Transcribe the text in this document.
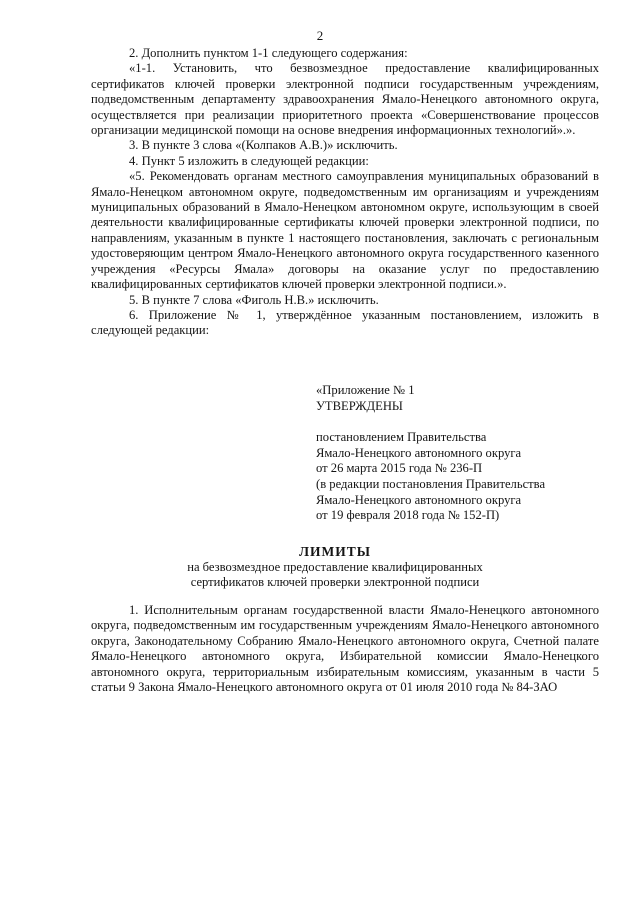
2

2. Дополнить пунктом 1-1 следующего содержания:

«1-1. Установить, что безвозмездное предоставление квалифицированных сертификатов ключей проверки электронной подписи государственным учреждениям, подведомственным департаменту здравоохранения Ямало-Ненецкого автономного округа, осуществляется при реализации приоритетного проекта «Совершенствование процессов организации медицинской помощи на основе внедрения информационных технологий».».

3. В пункте 3 слова «(Колпаков А.В.)» исключить.

4. Пункт 5 изложить в следующей редакции:

«5. Рекомендовать органам местного самоуправления муниципальных образований в Ямало-Ненецком автономном округе, подведомственным им организациям и учреждениям муниципальных образований в Ямало-Ненецком автономном округе, использующим в своей деятельности квалифицированные сертификаты ключей проверки электронной подписи, по направлениям, указанным в пункте 1 настоящего постановления, заключать с региональным удостоверяющим центром Ямало-Ненецкого автономного округа государственного казенного учреждения «Ресурсы Ямала» договоры на оказание услуг по предоставлению квалифицированных сертификатов ключей проверки электронной подписи.».

5. В пункте 7 слова «Фиголь Н.В.» исключить.

6. Приложение № 1, утверждённое указанным постановлением, изложить в следующей редакции:

«Приложение № 1
УТВЕРЖДЕНЫ
постановлением Правительства
Ямало-Ненецкого автономного округа
от 26 марта 2015 года № 236-П
(в редакции постановления Правительства
Ямало-Ненецкого автономного округа
от 19 февраля 2018 года № 152-П)
ЛИМИТЫ
на безвозмездное предоставление квалифицированных
сертификатов ключей проверки электронной подписи

1. Исполнительным органам государственной власти Ямало-Ненецкого автономного округа, подведомственным им государственным учреждениям Ямало-Ненецкого автономного округа, Законодательному Собранию Ямало-Ненецкого автономного округа, Счетной палате Ямало-Ненецкого автономного округа, Избирательной комиссии Ямало-Ненецкого автономного округа, территориальным избирательным комиссиям, указанным в части 5 статьи 9 Закона Ямало-Ненецкого автономного округа от 01 июля 2010 года № 84-ЗАО
